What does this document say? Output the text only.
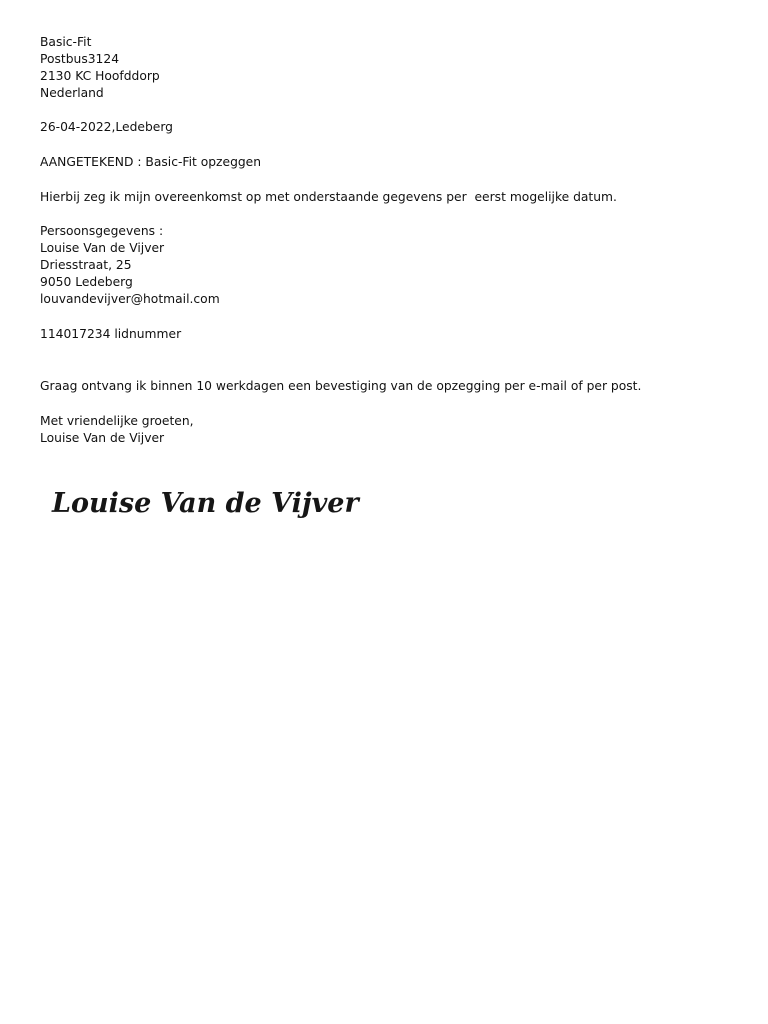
Basic-Fit
Postbus3124
2130 KC Hoofddorp
Nederland
26-04-2022,Ledeberg
AANGETEKEND : Basic-Fit opzeggen
Hierbij zeg ik mijn overeenkomst op met onderstaande gegevens per  eerst mogelijke datum.
Persoonsgegevens :
Louise Van de Vijver
Driesstraat, 25
9050 Ledeberg
louvandevijver@hotmail.com
114017234 lidnummer
Graag ontvang ik binnen 10 werkdagen een bevestiging van de opzegging per e-mail of per post.
Met vriendelijke groeten,
Louise Van de Vijver
Louise Van de Vijver
